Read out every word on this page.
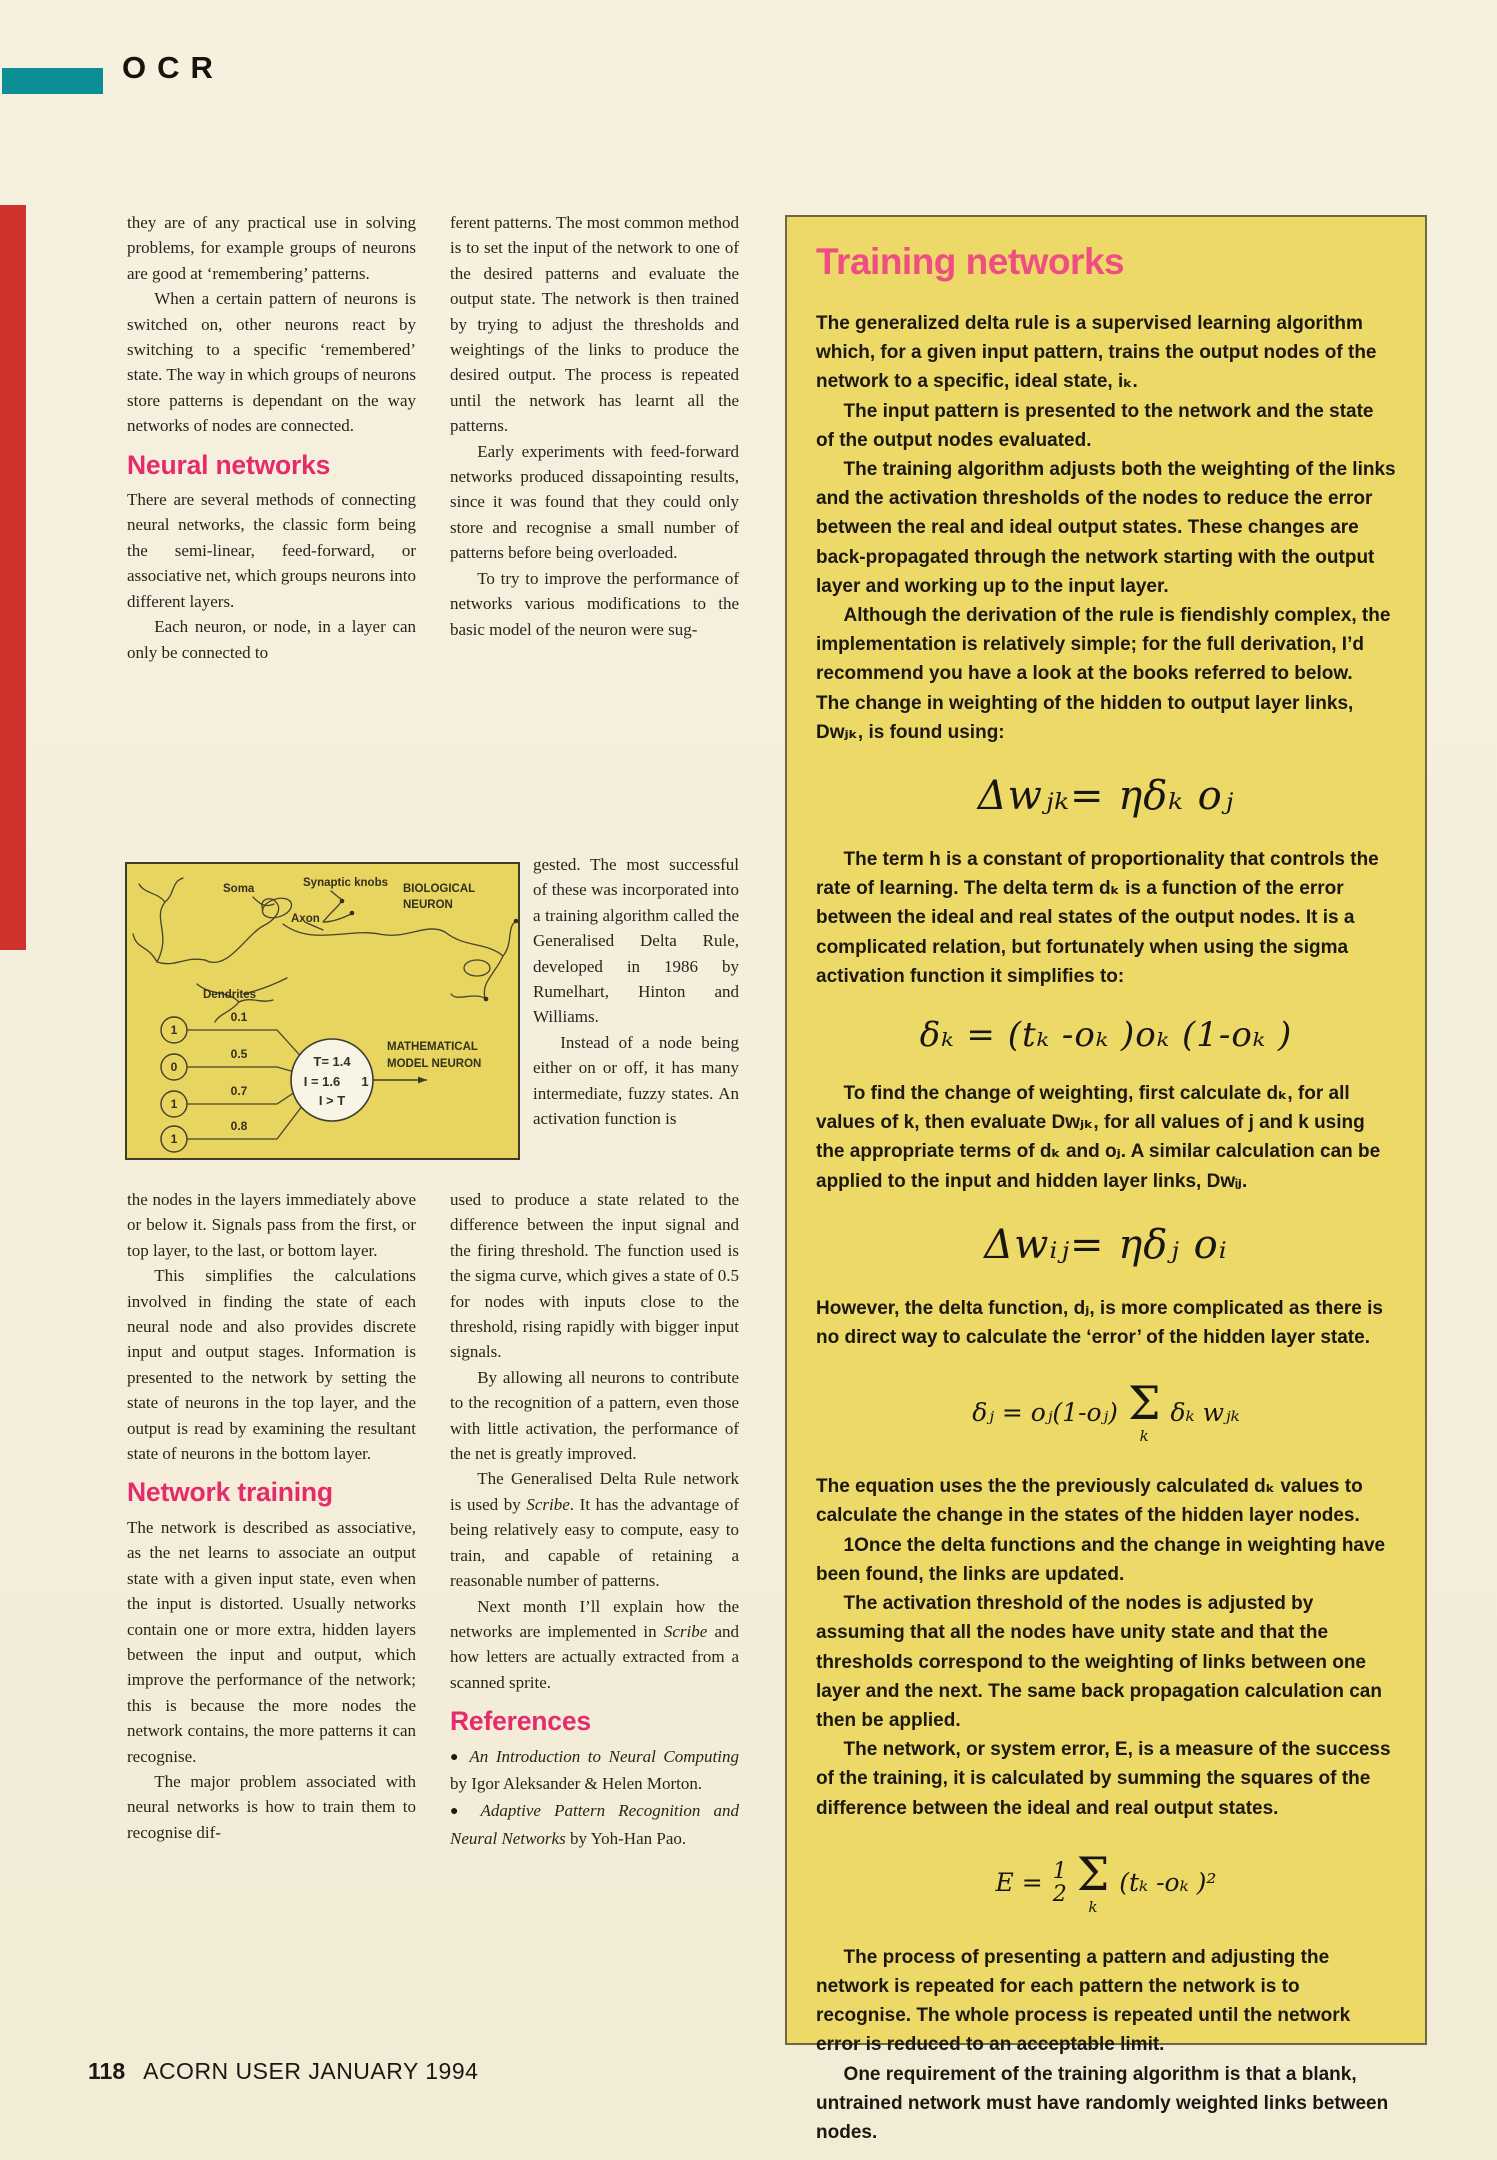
OCR

they are of any practical use in solving problems, for example groups of neurons are good at ‘remembering’ patterns.

When a certain pattern of neurons is switched on, other neurons react by switching to a specific ‘remembered’ state. The way in which groups of neurons store patterns is dependant on the way networks of nodes are connected.

Neural networks

There are several methods of connecting neural networks, the classic form being the semi-linear, feed-forward, or associative net, which groups neurons into different layers.

Each neuron, or node, in a layer can only be connected to

Soma	Synaptic knobs BIOLOGICAL
NEURON
Axon
Dendrites
1
0
1
1
0.1
0.5
0.7
0.8
T= 1.4
I = 1.6 1
I > T
MATHEMATICAL
MODEL NEURON

the nodes in the layers immediately above or below it. Signals pass from the first, or top layer, to the last, or bottom layer.

This simplifies the calculations involved in finding the state of each neural node and also provides discrete input and output stages. Information is presented to the network by setting the state of neurons in the top layer, and the output is read by examining the resultant state of neurons in the bottom layer.

Network training

The network is described as associative, as the net learns to associate an output state with a given input state, even when the input is distorted. Usually networks contain one or more extra, hidden layers between the input and output, which improve the performance of the network; this is because the more nodes the network contains, the more patterns it can recognise.

The major problem associated with neural networks is how to train them to recognise dif-

ferent patterns. The most common method is to set the input of the network to one of the desired patterns and evaluate the output state. The network is then trained by trying to adjust the thresholds and weightings of the links to produce the desired output. The process is repeated until the network has learnt all the patterns.

Early experiments with feed-forward networks produced dissapointing results, since it was found that they could only store and recognise a small number of patterns before being overloaded.

To try to improve the performance of networks various modifications to the basic model of the neuron were sug-

gested. The most successful of these was incorporated into a training algorithm called the Generalised Delta Rule, developed in 1986 by Rumelhart, Hinton and Williams.

Instead of a node being either on or off, it has many intermediate, fuzzy states. An activation function is

used to produce a state related to the difference between the input signal and the firing threshold. The function used is the sigma curve, which gives a state of 0.5 for nodes with inputs close to the threshold, rising rapidly with bigger input signals.

By allowing all neurons to contribute to the recognition of a pattern, even those with little activation, the performance of the net is greatly improved.

The Generalised Delta Rule network is used by Scribe. It has the advantage of being relatively easy to compute, easy to train, and capable of retaining a reasonable number of patterns.

Next month I’ll explain how the networks are implemented in Scribe and how letters are actually extracted from a scanned sprite.

References

● An Introduction to Neural Computing by Igor Aleksander & Helen Morton.

● Adaptive Pattern Recognition and Neural Networks by Yoh-Han Pao.

Training networks

The generalized delta rule is a supervised learning algorithm which, for a given input pattern, trains the output nodes of the network to a specific, ideal state, iₖ.

The input pattern is presented to the network and the state of the output nodes evaluated.

The training algorithm adjusts both the weighting of the links and the activation thresholds of the nodes to reduce the error between the real and ideal output states. These changes are back-propagated through the network starting with the output layer and working up to the input layer.

Although the derivation of the rule is fiendishly complex, the implementation is relatively simple; for the full derivation, I’d recommend you have a look at the books referred to below.

The change in weighting of the hidden to output layer links, Dwⱼₖ, is found using:

Δwⱼₖ= ηδₖ oⱼ

The term h is a constant of proportionality that controls the rate of learning. The delta term dₖ is a function of the error between the ideal and real states of the output nodes. It is a complicated relation, but fortunately when using the sigma activation function it simplifies to:

δₖ = (tₖ -oₖ )oₖ (1-oₖ )

To find the change of weighting, first calculate dₖ, for all values of k, then evaluate Dwⱼₖ, for all values of j and k using the appropriate terms of dₖ and oⱼ. A similar calculation can be applied to the input and hidden layer links, Dwᵢⱼ.

Δwᵢⱼ= ηδⱼ oᵢ

However, the delta function, dⱼ, is more complicated as there is no direct way to calculate the ‘error’ of the hidden layer state.

δⱼ = oⱼ(1-oⱼ) Σ
k
δₖ wⱼₖ

The equation uses the the previously calculated dₖ values to calculate the change in the states of the hidden layer nodes.

1Once the delta functions and the change in weighting have been found, the links are updated.

The activation threshold of the nodes is adjusted by assuming that all the nodes have unity state and that the thresholds correspond to the weighting of links between one layer and the next. The same back propagation calculation can then be applied.

The network, or system error, E, is a measure of the success of the training, it is calculated by summing the squares of the difference between the ideal and real output states.

E = 1
2 Σ
k
(tₖ -oₖ )²

The process of presenting a pattern and adjusting the network is repeated for each pattern the network is to recognise. The whole process is repeated until the network error is reduced to an acceptable limit.

One requirement of the training algorithm is that a blank, untrained network must have randomly weighted links between nodes.

118 ACORN USER JANUARY 1994
